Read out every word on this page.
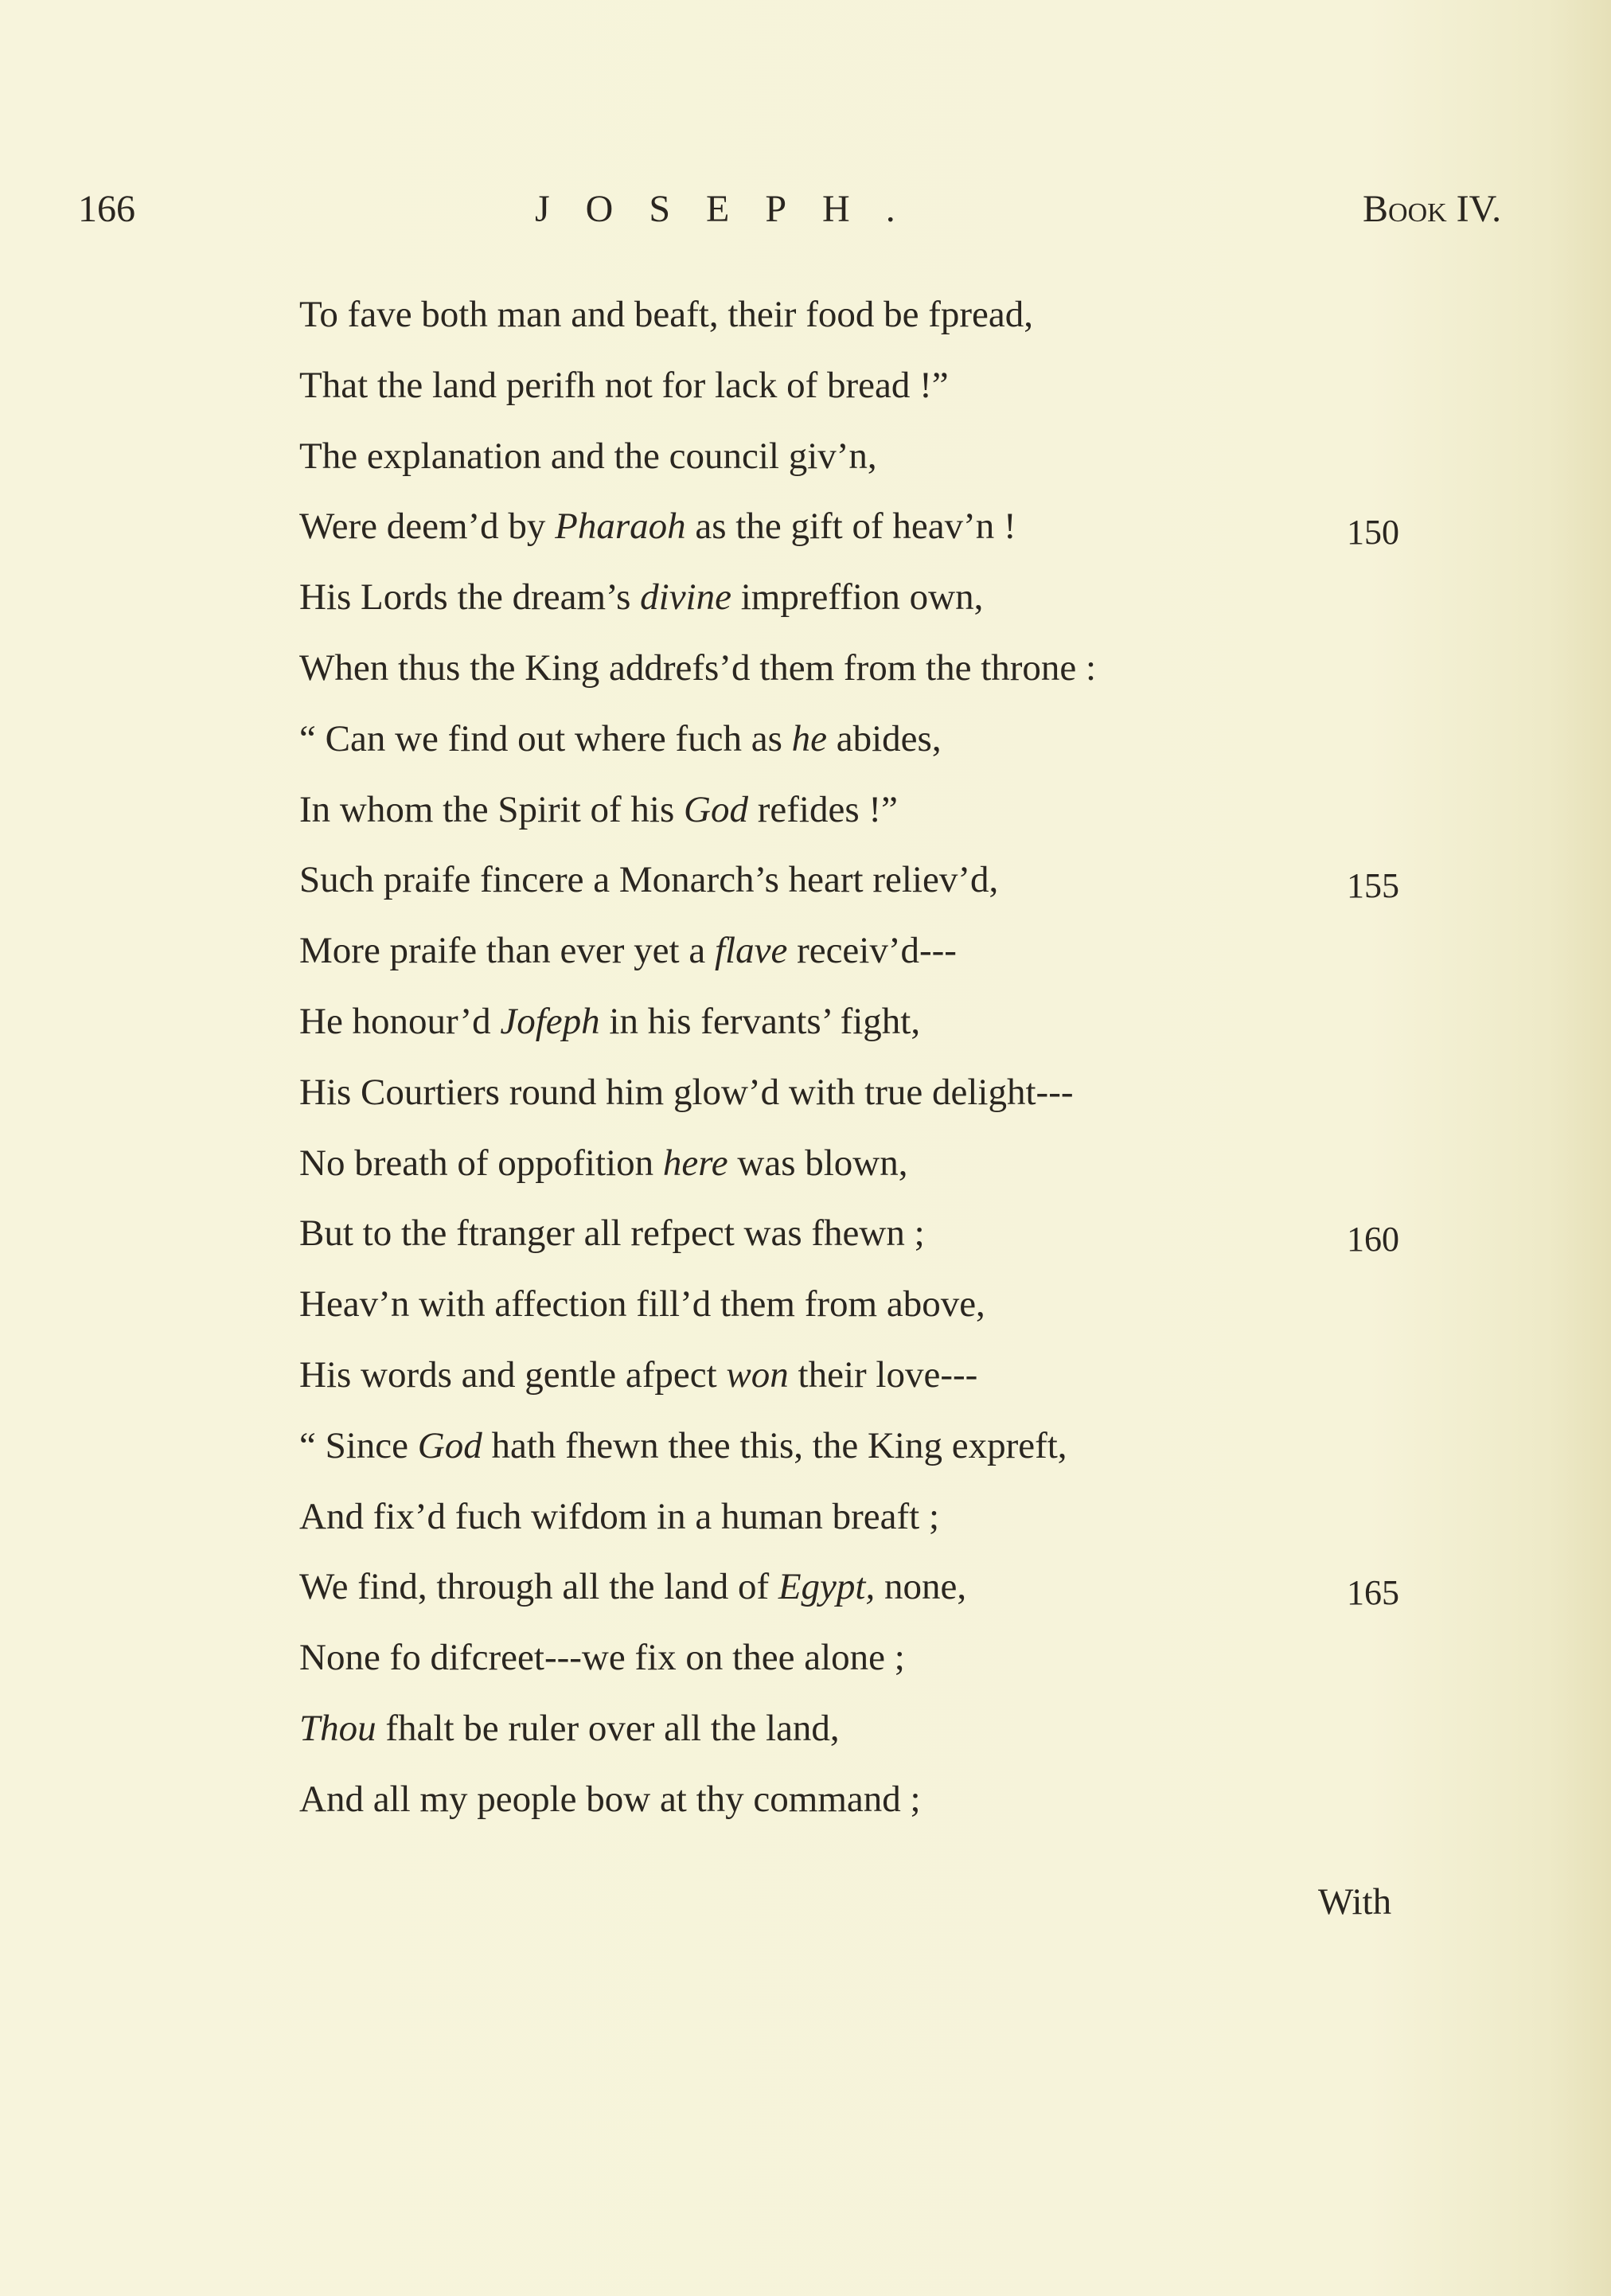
166	JOSEPH.	Book IV.
To fave both man and beaft, their food be fpread,
That the land perifh not for lack of bread !”
The explanation and the council giv’n,
Were deem’d by Pharaoh as the gift of heav’n !	150
His Lords the dream’s divine impreffion own,
When thus the King addrefs’d them from the throne :
“ Can we find out where fuch as he abides,
In whom the Spirit of his God refides !”
Such praife fincere a Monarch’s heart reliev’d,	155
More praife than ever yet a flave receiv’d---
He honour’d Jofeph in his fervants’ fight,
His Courtiers round him glow’d with true delight---
No breath of oppofition here was blown,
But to the ftranger all refpect was fhewn ;	160
Heav’n with affection fill’d them from above,
His words and gentle afpect won their love---
“ Since God hath fhewn thee this, the King expreft,
And fix’d fuch wifdom in a human breaft ;
We find, through all the land of Egypt, none,	165
None fo difcreet---we fix on thee alone ;
Thou fhalt be ruler over all the land,
And all my people bow at thy command ;
With
